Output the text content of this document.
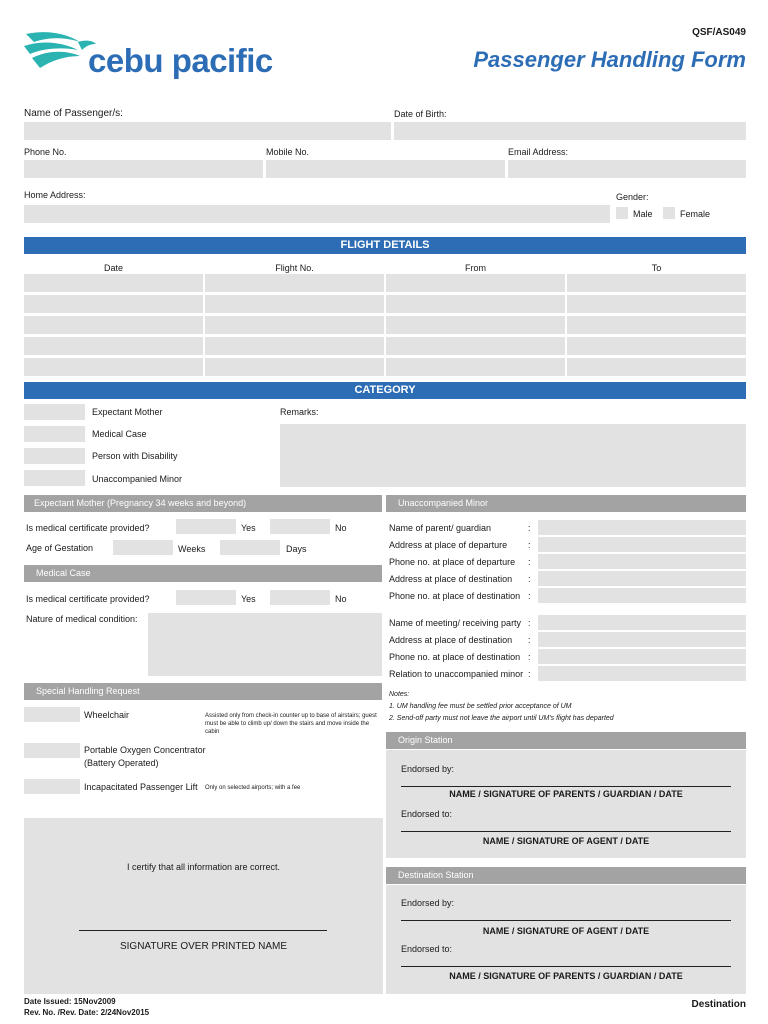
cebu pacific
QSF/AS049
Passenger Handling Form
Name of Passenger/s:	Date of Birth:
Phone No.	Mobile No.	Email Address:
Home Address:	Gender:
Male	Female
FLIGHT DETAILS
Date	Flight No.	From	To
CATEGORY
Expectant Mother
Medical Case
Person with Disability
Unaccompanied Minor
Remarks:
Expectant Mother (Pregnancy 34 weeks and beyond)
Is medical certificate provided?	Yes	No
Age of Gestation	Weeks	Days
Medical Case
Is medical certificate provided?	Yes	No
Nature of medical condition:
Special Handling Request
Wheelchair	Assisted only from check-in counter up to base of airstairs; guest must be able to climb up/ down the stairs and move inside the cabin
Portable Oxygen Concentrator
(Battery Operated)
Incapacitated Passenger Lift Only on selected airports; with a fee
I certify that all information are correct.
SIGNATURE OVER PRINTED NAME
Unaccompanied Minor
Name of parent/ guardian	:
Address at place of departure :
Phone no. at place of departure :
Address at place of destination :
Phone no. at place of destination :
Name of meeting/ receiving party :
Address at place of destination :
Phone no. at place of destination :
Relation to unaccompanied minor :
Notes:
1. UM handling fee must be settled prior acceptance of UM
2. Send-off party must not leave the airport until UM's flight has departed
Origin Station
Endorsed by:
NAME / SIGNATURE OF PARENTS / GUARDIAN / DATE
Endorsed to:
NAME / SIGNATURE OF AGENT / DATE
Destination Station
Endorsed by:
NAME / SIGNATURE OF AGENT / DATE
Endorsed to:
NAME / SIGNATURE OF PARENTS / GUARDIAN / DATE
Date Issued: 15Nov2009
Rev. No. /Rev. Date: 2/24Nov2015
Destination
